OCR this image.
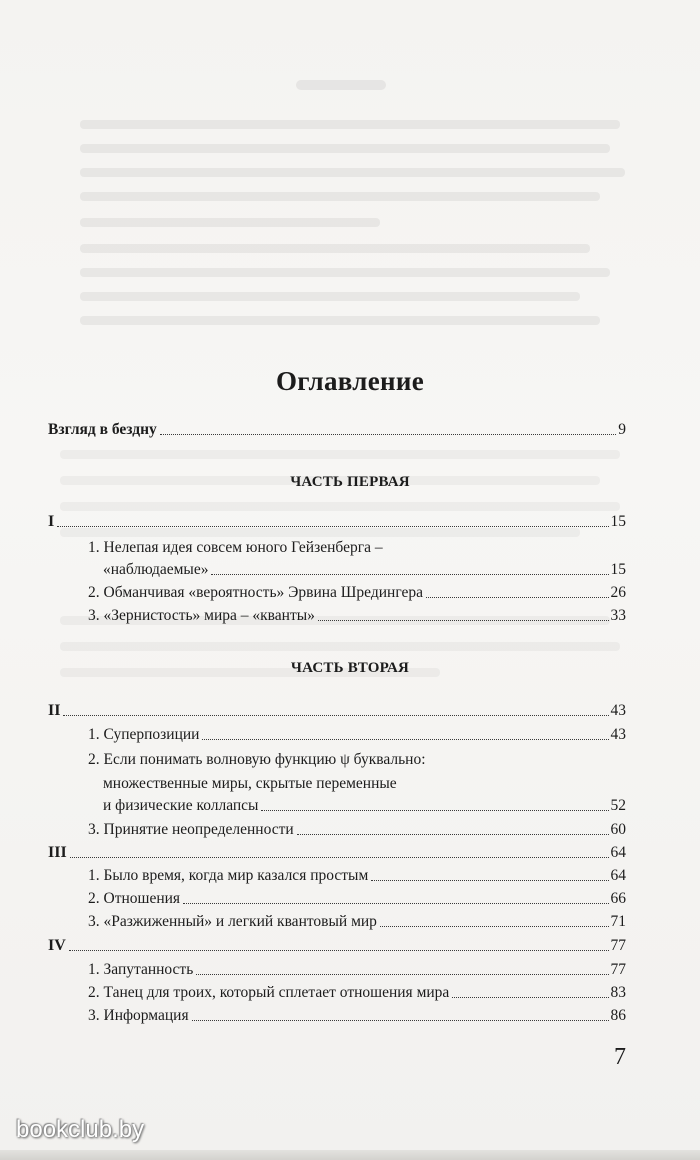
Оглавление
Взгляд в бездну	9
ЧАСТЬ ПЕРВАЯ
I	15
1. Нелепая идея совсем юного Гейзенберга –
«наблюдаемые»	15
2. Обманчивая «вероятность» Эрвина Шредингера	26
3. «Зернистость» мира – «кванты»	33
ЧАСТЬ ВТОРАЯ
II	43
1. Суперпозиции	43
2. Если понимать волновую функцию ψ буквально:
множественные миры, скрытые переменные
и физические коллапсы	52
3. Принятие неопределенности	60
III	64
1. Было время, когда мир казался простым	64
2. Отношения	66
3. «Разжиженный» и легкий квантовый мир	71
IV	77
1. Запутанность	77
2. Танец для троих, который сплетает отношения мира	83
3. Информация	86
7
bookclub.by
